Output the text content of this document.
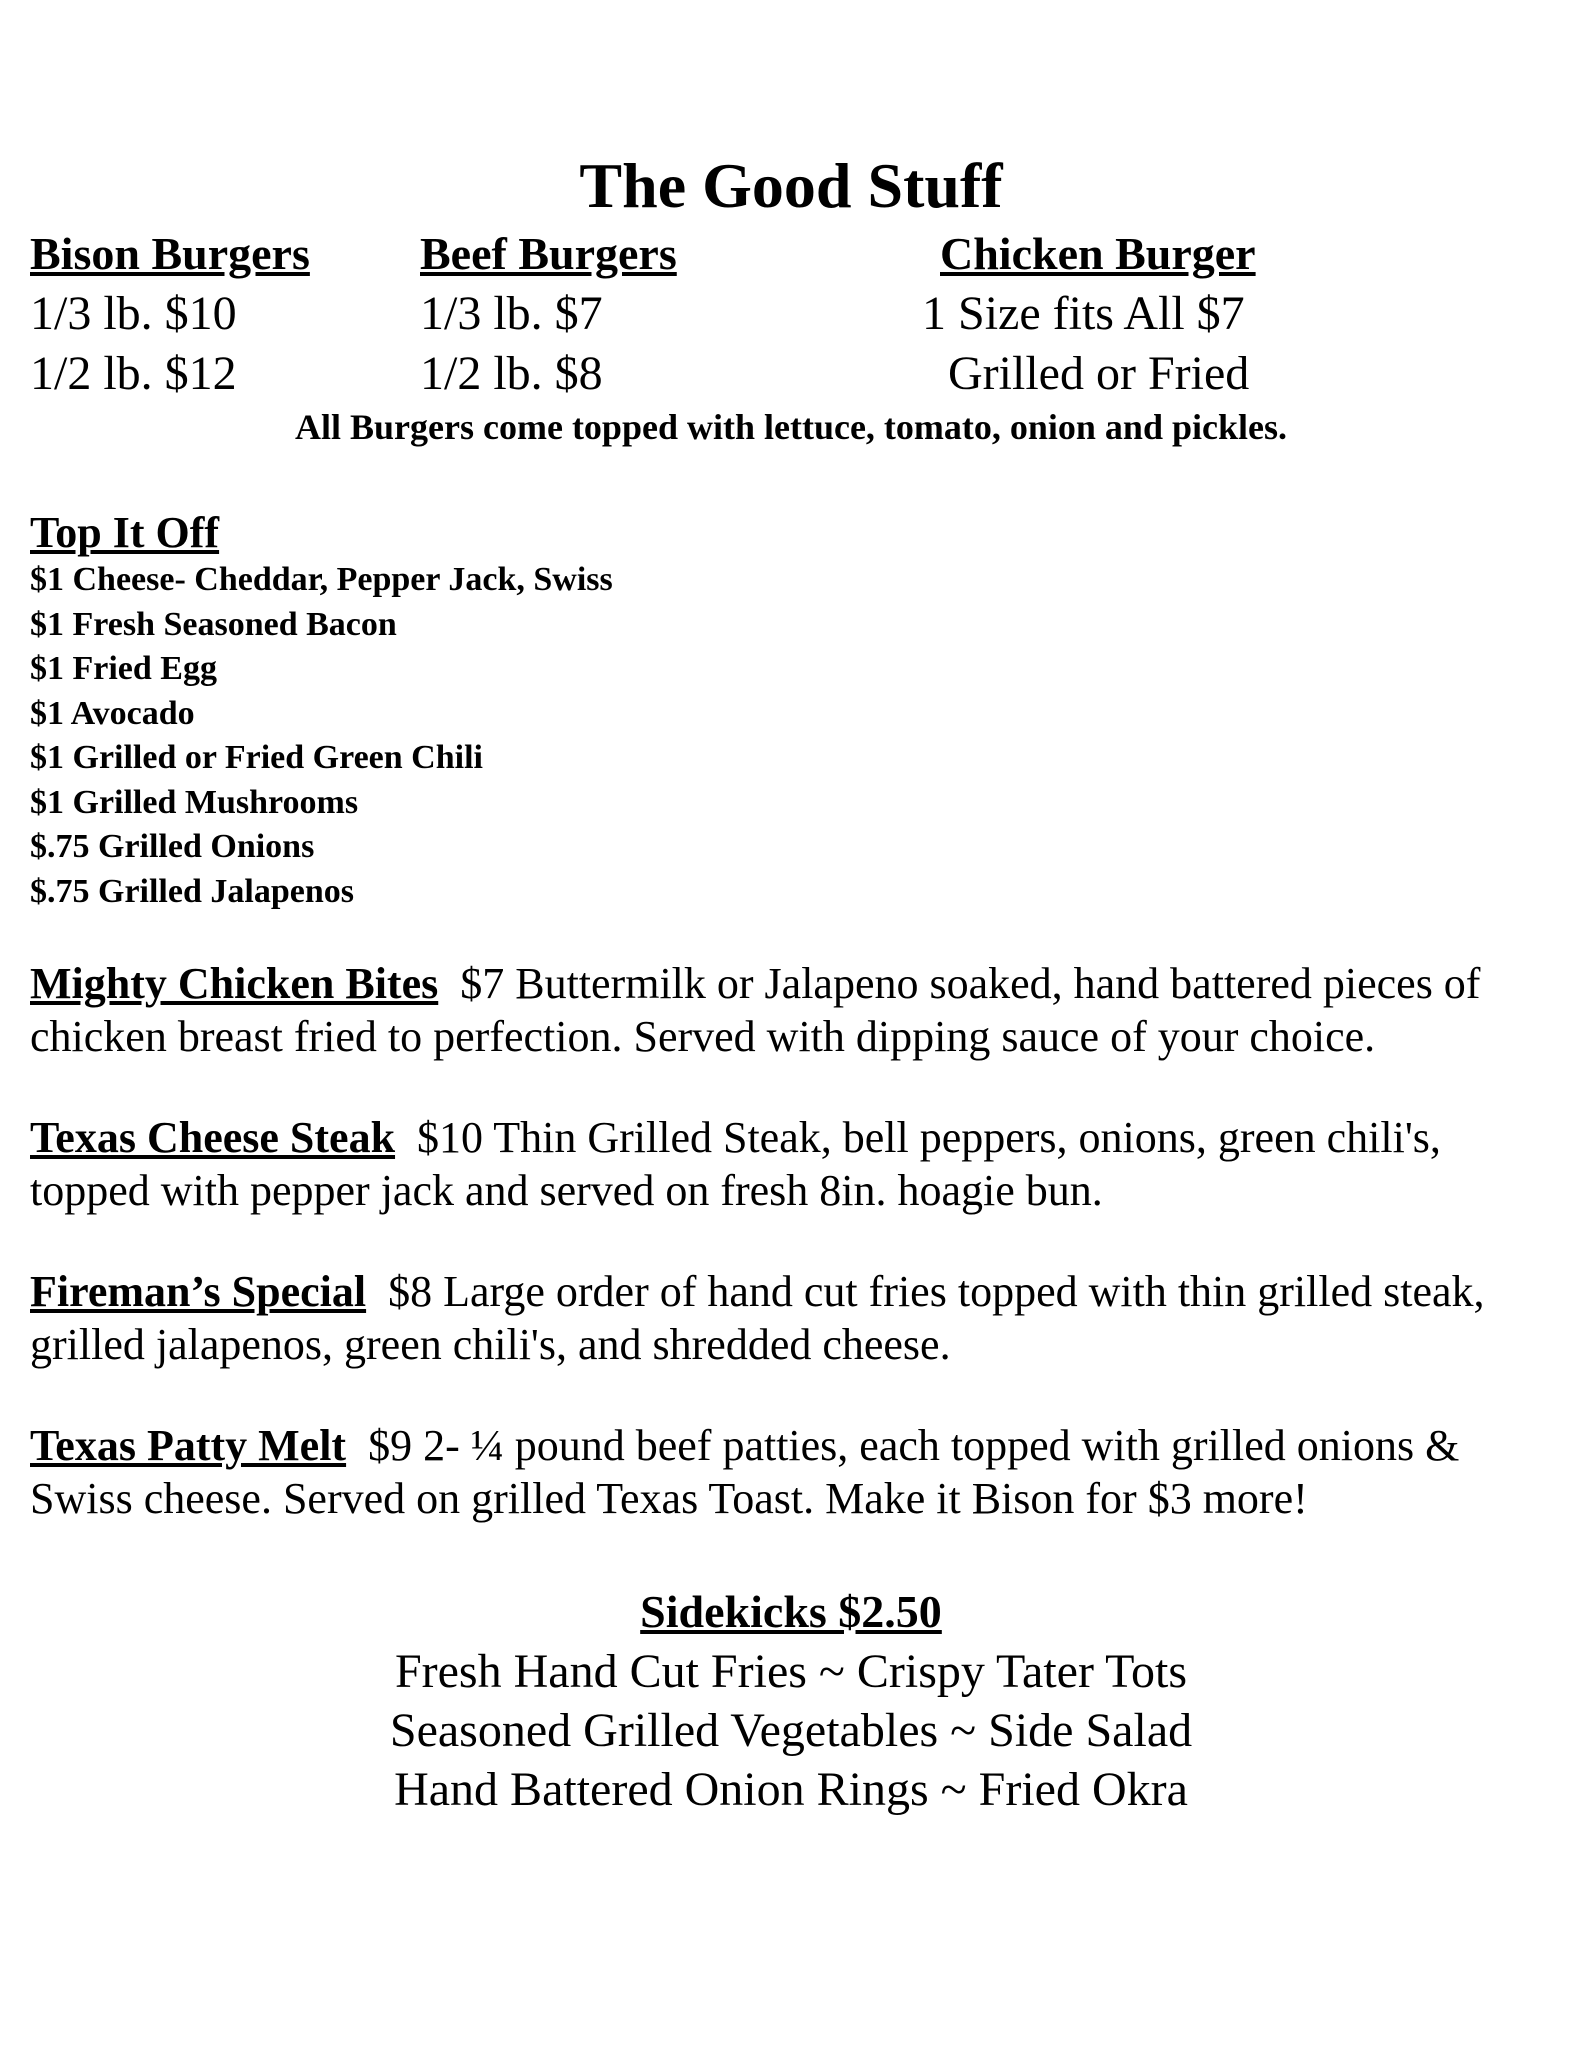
The Good Stuff
Bison Burgers
1/3 lb. $10
1/2 lb. $12
Beef Burgers
1/3 lb. $7
1/2 lb. $8
Chicken Burger
1 Size fits All $7
Grilled or Fried
All Burgers come topped with lettuce, tomato, onion and pickles.
Top It Off
$1 Cheese- Cheddar, Pepper Jack, Swiss
$1 Fresh Seasoned Bacon
$1 Fried Egg
$1 Avocado
$1 Grilled or Fried Green Chili
$1 Grilled Mushrooms
$.75 Grilled Onions
$.75 Grilled Jalapenos
Mighty Chicken Bites $7 Buttermilk or Jalapeno soaked, hand battered pieces of chicken breast fried to perfection. Served with dipping sauce of your choice.
Texas Cheese Steak $10 Thin Grilled Steak, bell peppers, onions, green chili's, topped with pepper jack and served on fresh 8in. hoagie bun.
Fireman’s Special $8 Large order of hand cut fries topped with thin grilled steak, grilled jalapenos, green chili's, and shredded cheese.
Texas Patty Melt $9 2- ¼ pound beef patties, each topped with grilled onions & Swiss cheese. Served on grilled Texas Toast. Make it Bison for $3 more!
Sidekicks $2.50
Fresh Hand Cut Fries ~ Crispy Tater Tots
Seasoned Grilled Vegetables ~ Side Salad
Hand Battered Onion Rings ~ Fried Okra
